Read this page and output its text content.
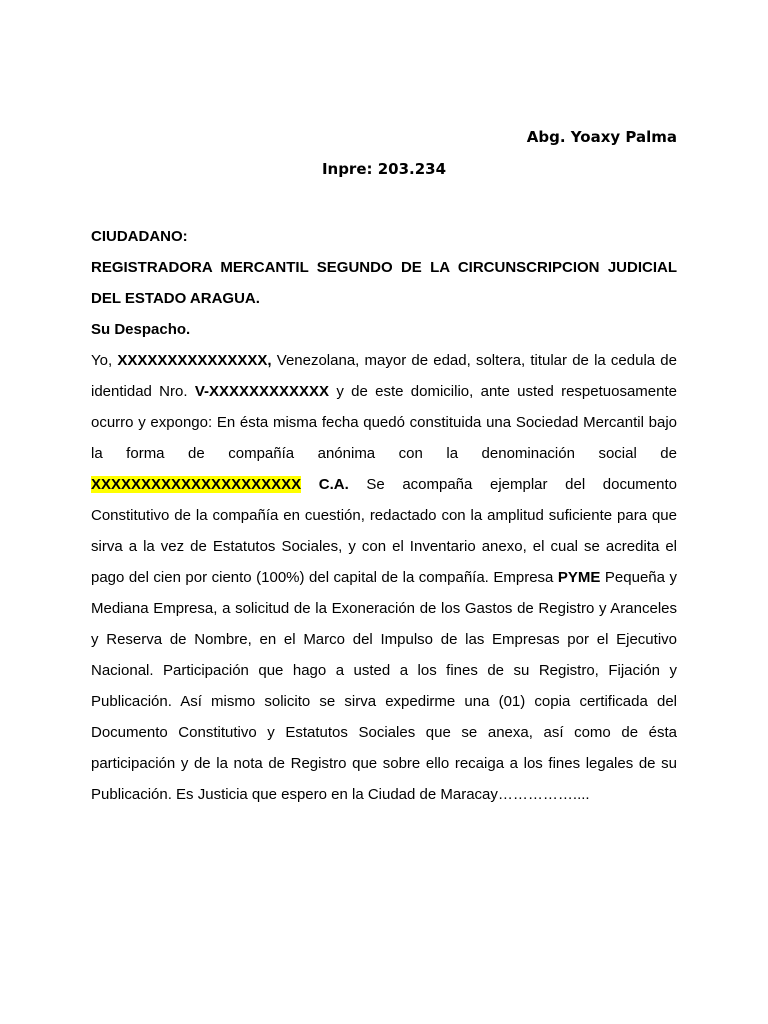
Abg. Yoaxy Palma

Inpre: 203.234

CIUDADANO:

REGISTRADORA MERCANTIL SEGUNDO DE LA CIRCUNSCRIPCION JUDICIAL DEL ESTADO ARAGUA.

Su Despacho.

Yo, XXXXXXXXXXXXXXX, Venezolana, mayor de edad, soltera, titular de la cedula de identidad Nro. V-XXXXXXXXXXXX y de este domicilio, ante usted respetuosamente ocurro y expongo: En ésta misma fecha quedó constituida una Sociedad Mercantil bajo la forma de compañía anónima con la denominación social de XXXXXXXXXXXXXXXXXXXXX C.A. Se acompaña ejemplar del documento Constitutivo de la compañía en cuestión, redactado con la amplitud suficiente para que sirva a la vez de Estatutos Sociales, y con el Inventario anexo, el cual se acredita el pago del cien por ciento (100%) del capital de la compañía. Empresa PYME Pequeña y Mediana Empresa, a solicitud de la Exoneración de los Gastos de Registro y Aranceles y Reserva de Nombre, en el Marco del Impulso de las Empresas por el Ejecutivo Nacional. Participación que hago a usted a los fines de su Registro, Fijación y Publicación. Así mismo solicito se sirva expedirme una (01) copia certificada del Documento Constitutivo y Estatutos Sociales que se anexa, así como de ésta participación y de la nota de Registro que sobre ello recaiga a los fines legales de su Publicación. Es Justicia que espero en la Ciudad de Maracay……………....
